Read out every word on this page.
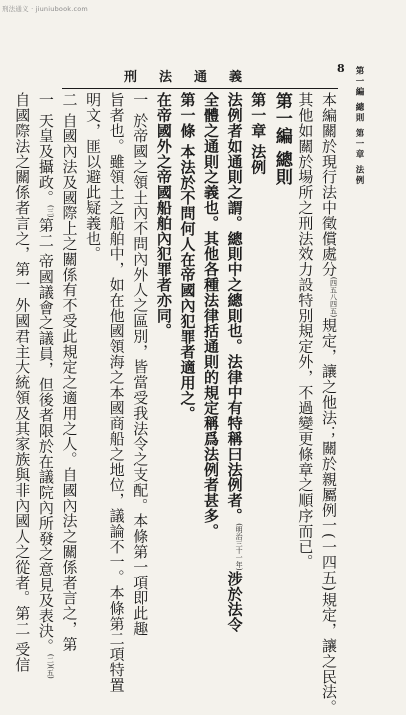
刑法通义 · jiuniubook.com
刑法通義
8 第一編 總則 第一章 法例
本編關於現行法中徵償處分(四五八四五)規定，讓之他法；關於親屬例一(一四五)規定，讓之民法。
其他如關於場所之刑法效力設特別規定外，不過變更條章之順序而已。
第一編 總則
第一章 法例
法例者如通則之謂。總則中之總則也。法律中有特稱曰法例者。(明治三十一年)涉於法令
全體之通則之義也。其他各種法律括通則的規定稱爲法例者甚多。
第一條 本法於不問何人在帝國內犯罪者適用之。
在帝國外之帝國船舶內犯罪者亦同。
一 於帝國之領土內不問內外人之區別，皆當受我法令之支配。本條第一項即此趣
旨者也。雖領土之船舶中，如在他國領海之本國商船之地位，議論不一。本條第二項特置
明文，匪以避此疑義也。
二 自國內法及國際上之關係有不受此規定之適用之人。自國內法之關係者言之，第
一 天皇及攝政。(三)第二 帝國議會之議員，但後者限於在議院內所發之意見及表決。(二)(五)
自國際法之關係者言之，第一 外國君主大統領及其家族與非內國人之從者。第二 受信
